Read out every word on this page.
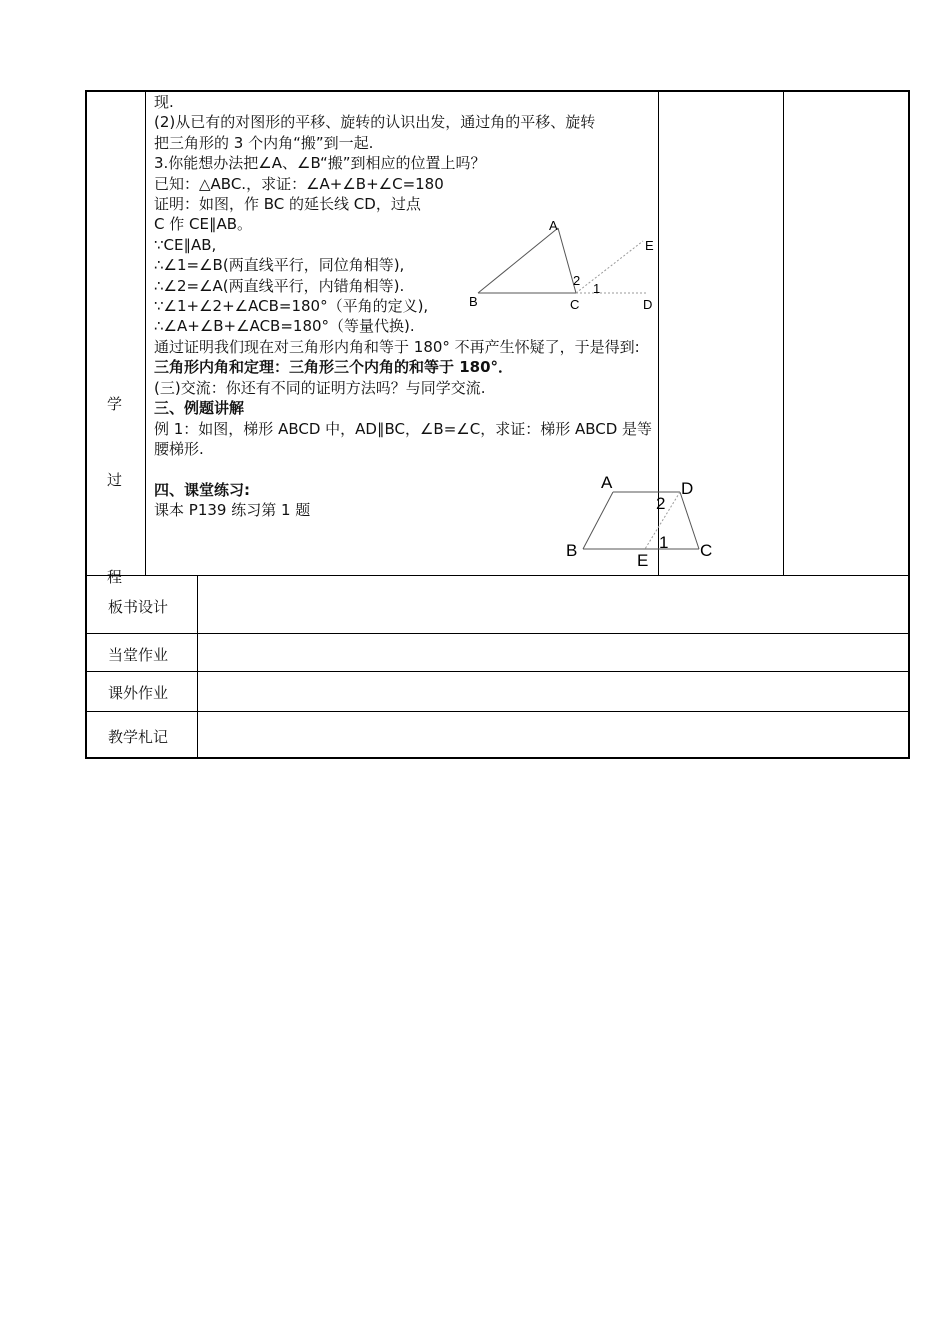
学
过
程

现.

(2)从已有的对图形的平移、旋转的认识出发，通过角的平移、旋转

把三角形的 3 个内角“搬”到一起.

3.你能想办法把∠A、∠B“搬”到相应的位置上吗？

已知：△ABC.，求证：∠A+∠B+∠C=180

证明：如图，作 BC 的延长线 CD，过点

C 作 CE∥AB。

∵CE∥AB,

∴∠1=∠B(两直线平行，同位角相等),

∴∠2=∠A(两直线平行，内错角相等).

∵∠1+∠2+∠ACB=180°（平角的定义),

∴∠A+∠B+∠ACB=180°（等量代换).

通过证明我们现在对三角形内角和等于 180° 不再产生怀疑了，于是得到:

三角形内角和定理：三角形三个内角的和等于 180°．

(三)交流：你还有不同的证明方法吗？与同学交流.

三、例题讲解

例 1：如图，梯形 ABCD 中，AD∥BC，∠B=∠C，求证：梯形 ABCD 是等腰梯形.

四、课堂练习:

课本 P139 练习第 1 题

A
B	C	D
E
2
1
A	D
B	C
E
2
1
板书设计
当堂作业
课外作业
教学札记
